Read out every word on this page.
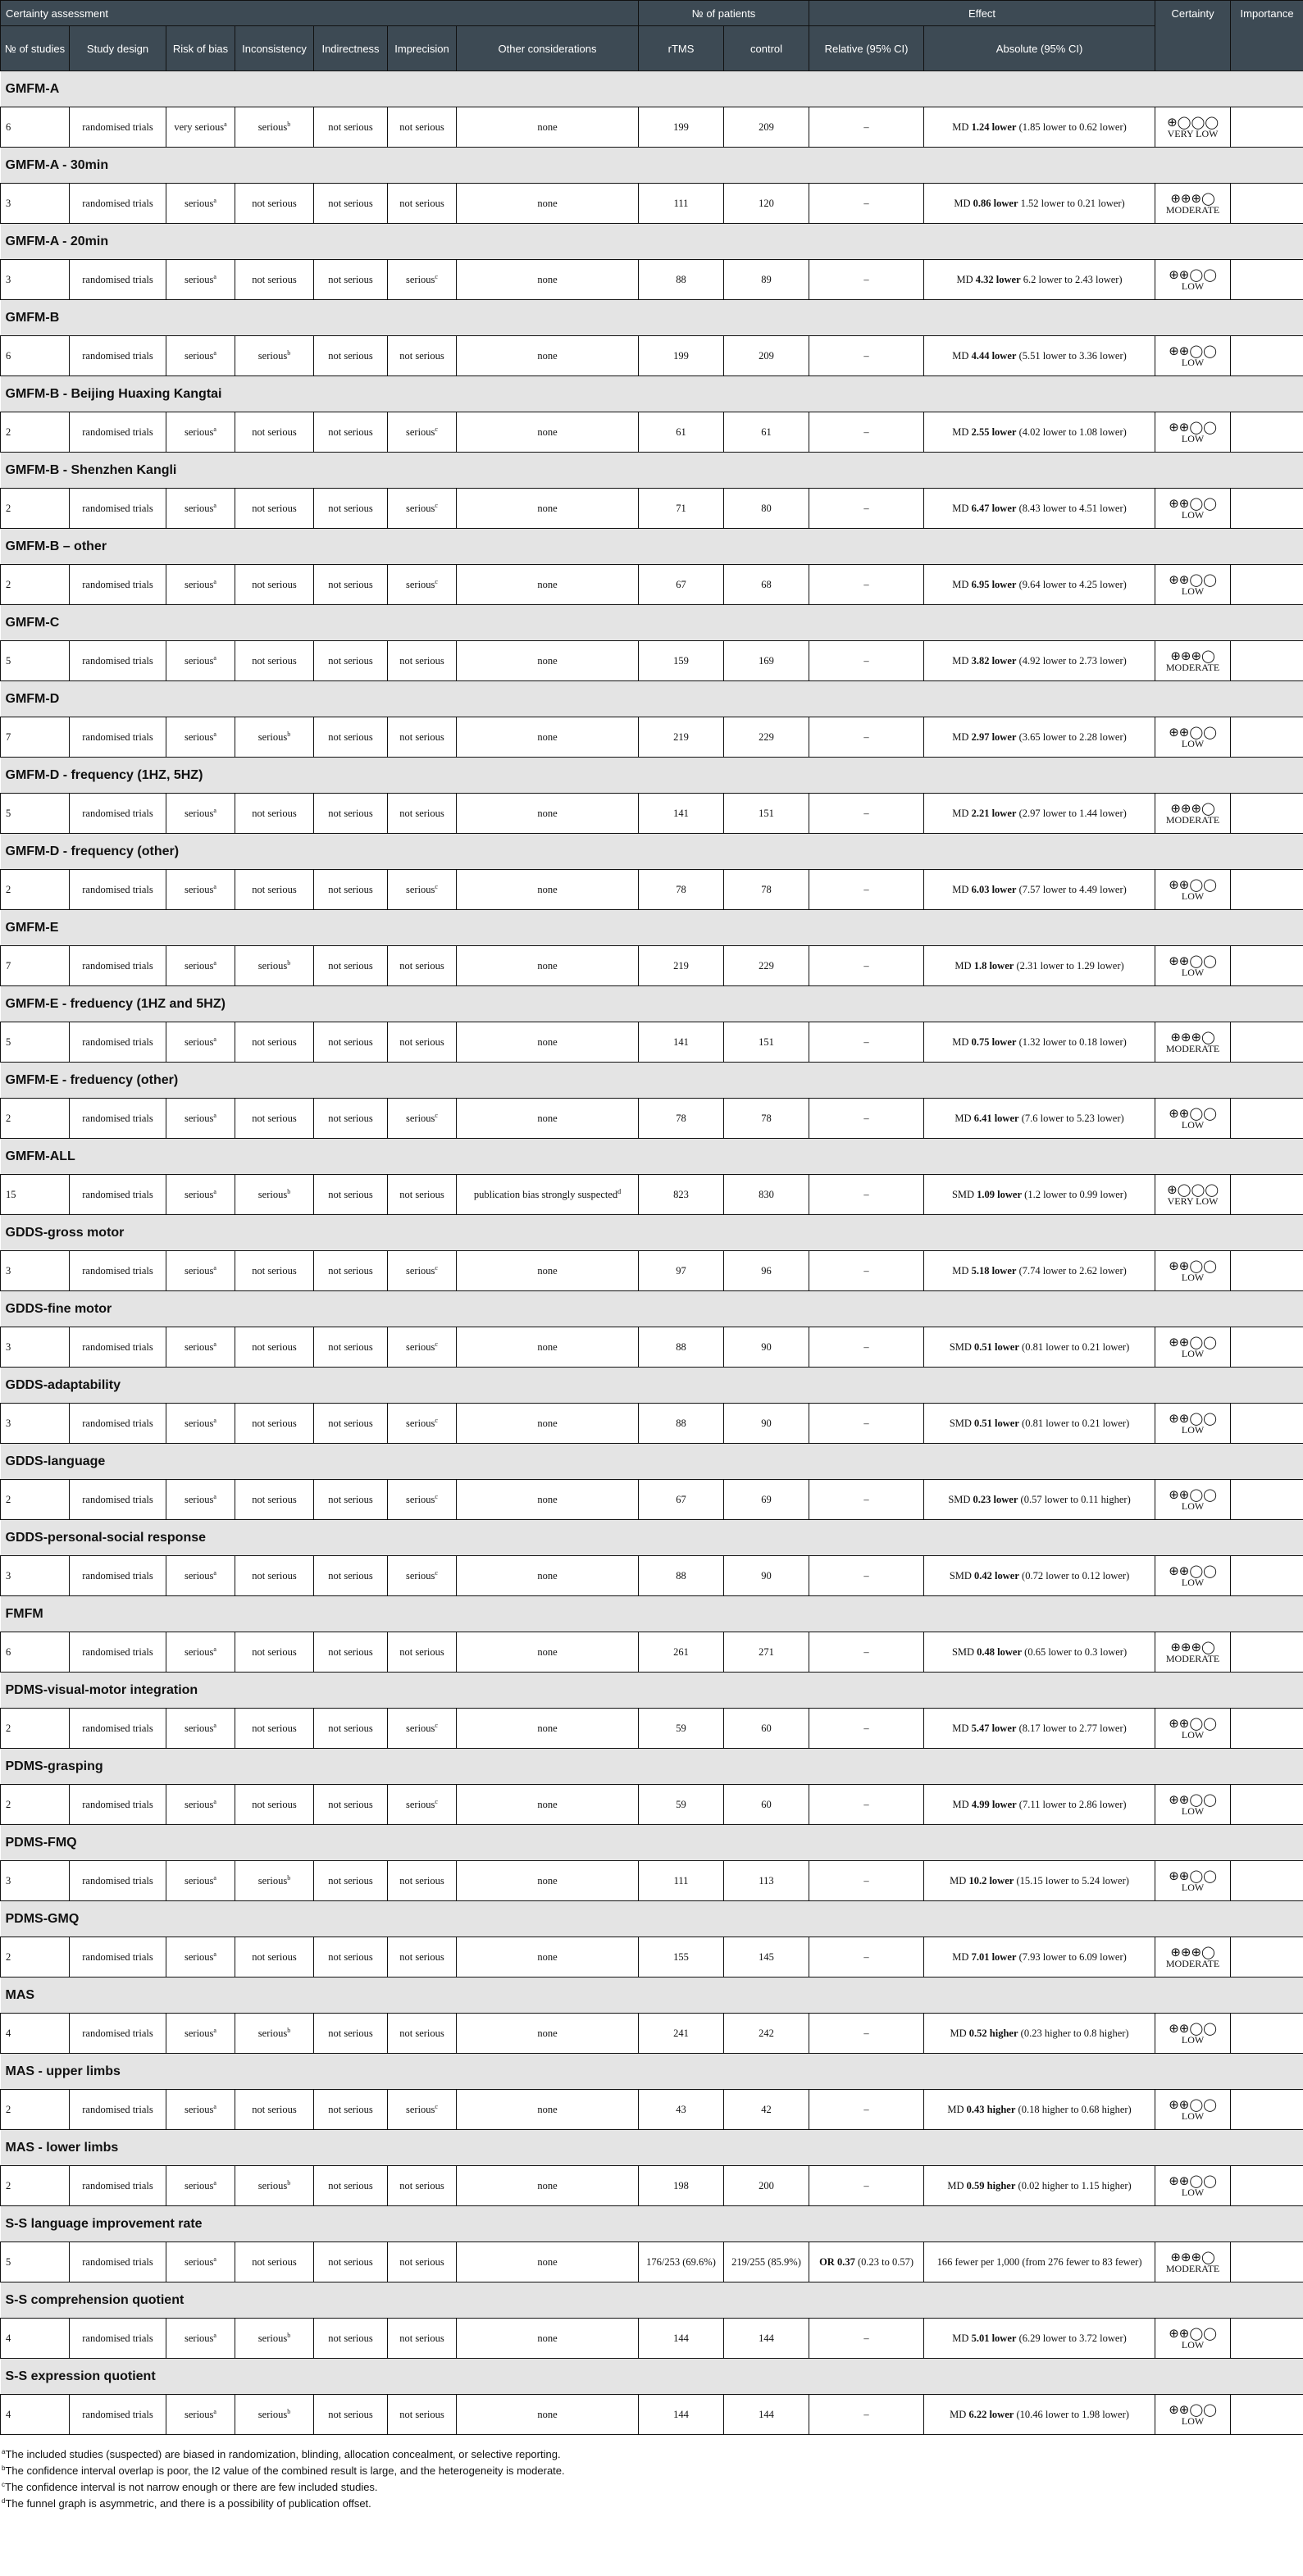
Certainty assessment							№ of patients		Effect		Certainty	Importance
№ of studies	Study design	Risk of bias	Inconsistency	Indirectness	Imprecision	Other considerations	rTMS	control	Relative (95% CI)	Absolute (95% CI)		
GMFM-A												
6	randomised trials	very serious$^a$	serious$^b$	not serious	not serious	none	199	209	–	MD 1.24 lower (1.85 lower to 0.62 lower)	⊕◯◯◯
VERY LOW	

GMFM-A - 30min												
3	randomised trials	serious$^a$	not serious	not serious	not serious	none	111	120	–	MD 0.86 lower 1.52 lower to 0.21 lower)	⊕⊕⊕◯
MODERATE	

GMFM-A - 20min												
3	randomised trials	serious$^a$	not serious	not serious	serious$^c$	none	88	89	–	MD 4.32 lower 6.2 lower to 2.43 lower)	⊕⊕◯◯
LOW	

GMFM-B												
6	randomised trials	serious$^a$	serious$^b$	not serious	not serious	none	199	209	–	MD 4.44 lower (5.51 lower to 3.36 lower)	⊕⊕◯◯
LOW	

GMFM-B - Beijing Huaxing Kangtai												
2	randomised trials	serious$^a$	not serious	not serious	serious$^c$	none	61	61	–	MD 2.55 lower (4.02 lower to 1.08 lower)	⊕⊕◯◯
LOW	

GMFM-B - Shenzhen Kangli												
2	randomised trials	serious$^a$	not serious	not serious	serious$^c$	none	71	80	–	MD 6.47 lower (8.43 lower to 4.51 lower)	⊕⊕◯◯
LOW	

GMFM-B – other												
2	randomised trials	serious$^a$	not serious	not serious	serious$^c$	none	67	68	–	MD 6.95 lower (9.64 lower to 4.25 lower)	⊕⊕◯◯
LOW	

GMFM-C												
5	randomised trials	serious$^a$	not serious	not serious	not serious	none	159	169	–	MD 3.82 lower (4.92 lower to 2.73 lower)	⊕⊕⊕◯
MODERATE	

GMFM-D												
7	randomised trials	serious$^a$	serious$^b$	not serious	not serious	none	219	229	–	MD 2.97 lower (3.65 lower to 2.28 lower)	⊕⊕◯◯
LOW	

GMFM-D - frequency (1HZ, 5HZ)												
5	randomised trials	serious$^a$	not serious	not serious	not serious	none	141	151	–	MD 2.21 lower (2.97 lower to 1.44 lower)	⊕⊕⊕◯
MODERATE	

GMFM-D - frequency (other)												
2	randomised trials	serious$^a$	not serious	not serious	serious$^c$	none	78	78	–	MD 6.03 lower (7.57 lower to 4.49 lower)	⊕⊕◯◯
LOW	

GMFM-E												
7	randomised trials	serious$^a$	serious$^b$	not serious	not serious	none	219	229	–	MD 1.8 lower (2.31 lower to 1.29 lower)	⊕⊕◯◯
LOW	

GMFM-E - freduency (1HZ and 5HZ)												
5	randomised trials	serious$^a$	not serious	not serious	not serious	none	141	151	–	MD 0.75 lower (1.32 lower to 0.18 lower)	⊕⊕⊕◯
MODERATE	

GMFM-E - freduency (other)												
2	randomised trials	serious$^a$	not serious	not serious	serious$^c$	none	78	78	–	MD 6.41 lower (7.6 lower to 5.23 lower)	⊕⊕◯◯
LOW	

GMFM-ALL												
15	randomised trials	serious$^a$	serious$^b$	not serious	not serious	publication bias strongly suspected$^d$	823	830	–	SMD 1.09 lower (1.2 lower to 0.99 lower)	⊕◯◯◯
VERY LOW	

GDDS-gross motor												
3	randomised trials	serious$^a$	not serious	not serious	serious$^c$	none	97	96	–	MD 5.18 lower (7.74 lower to 2.62 lower)	⊕⊕◯◯
LOW	

GDDS-fine motor												
3	randomised trials	serious$^a$	not serious	not serious	serious$^c$	none	88	90	–	SMD 0.51 lower (0.81 lower to 0.21 lower)	⊕⊕◯◯
LOW	

GDDS-adaptability												
3	randomised trials	serious$^a$	not serious	not serious	serious$^c$	none	88	90	–	SMD 0.51 lower (0.81 lower to 0.21 lower)	⊕⊕◯◯
LOW	

GDDS-language												
2	randomised trials	serious$^a$	not serious	not serious	serious$^c$	none	67	69	–	SMD 0.23 lower (0.57 lower to 0.11 higher)	⊕⊕◯◯
LOW	

GDDS-personal-social response												
3	randomised trials	serious$^a$	not serious	not serious	serious$^c$	none	88	90	–	SMD 0.42 lower (0.72 lower to 0.12 lower)	⊕⊕◯◯
LOW	

FMFM												
6	randomised trials	serious$^a$	not serious	not serious	not serious	none	261	271	–	SMD 0.48 lower (0.65 lower to 0.3 lower)	⊕⊕⊕◯
MODERATE	

PDMS-visual-motor integration												
2	randomised trials	serious$^a$	not serious	not serious	serious$^c$	none	59	60	–	MD 5.47 lower (8.17 lower to 2.77 lower)	⊕⊕◯◯
LOW	

PDMS-grasping												
2	randomised trials	serious$^a$	not serious	not serious	serious$^c$	none	59	60	–	MD 4.99 lower (7.11 lower to 2.86 lower)	⊕⊕◯◯
LOW	

PDMS-FMQ												
3	randomised trials	serious$^a$	serious$^b$	not serious	not serious	none	111	113	–	MD 10.2 lower (15.15 lower to 5.24 lower)	⊕⊕◯◯
LOW	

PDMS-GMQ												
2	randomised trials	serious$^a$	not serious	not serious	not serious	none	155	145	–	MD 7.01 lower (7.93 lower to 6.09 lower)	⊕⊕⊕◯
MODERATE	

MAS												
4	randomised trials	serious$^a$	serious$^b$	not serious	not serious	none	241	242	–	MD 0.52 higher (0.23 higher to 0.8 higher)	⊕⊕◯◯
LOW	

MAS - upper limbs												
2	randomised trials	serious$^a$	not serious	not serious	serious$^c$	none	43	42	–	MD 0.43 higher (0.18 higher to 0.68 higher)	⊕⊕◯◯
LOW	

MAS - lower limbs												
2	randomised trials	serious$^a$	serious$^b$	not serious	not serious	none	198	200	–	MD 0.59 higher (0.02 higher to 1.15 higher)	⊕⊕◯◯
LOW	

S-S language improvement rate												
5	randomised trials	serious$^a$	not serious	not serious	not serious	none	176/253 (69.6%)	219/255 (85.9%)	OR 0.37 (0.23 to 0.57)	166 fewer per 1,000 (from 276 fewer to 83 fewer)	⊕⊕⊕◯
MODERATE	

S-S comprehension quotient												
4	randomised trials	serious$^a$	serious$^b$	not serious	not serious	none	144	144	–	MD 5.01 lower (6.29 lower to 3.72 lower)	⊕⊕◯◯
LOW	

S-S expression quotient												
4	randomised trials	serious$^a$	serious$^b$	not serious	not serious	none	144	144	–	MD 6.22 lower (10.46 lower to 1.98 lower)	⊕⊕◯◯
LOW	

$^a$The included studies (suspected) are biased in randomization, blinding, allocation concealment, or selective reporting.
$^b$The confidence interval overlap is poor, the I2 value of the combined result is large, and the heterogeneity is moderate.
$^c$The confidence interval is not narrow enough or there are few included studies.
$^d$The funnel graph is asymmetric, and there is a possibility of publication offset.
